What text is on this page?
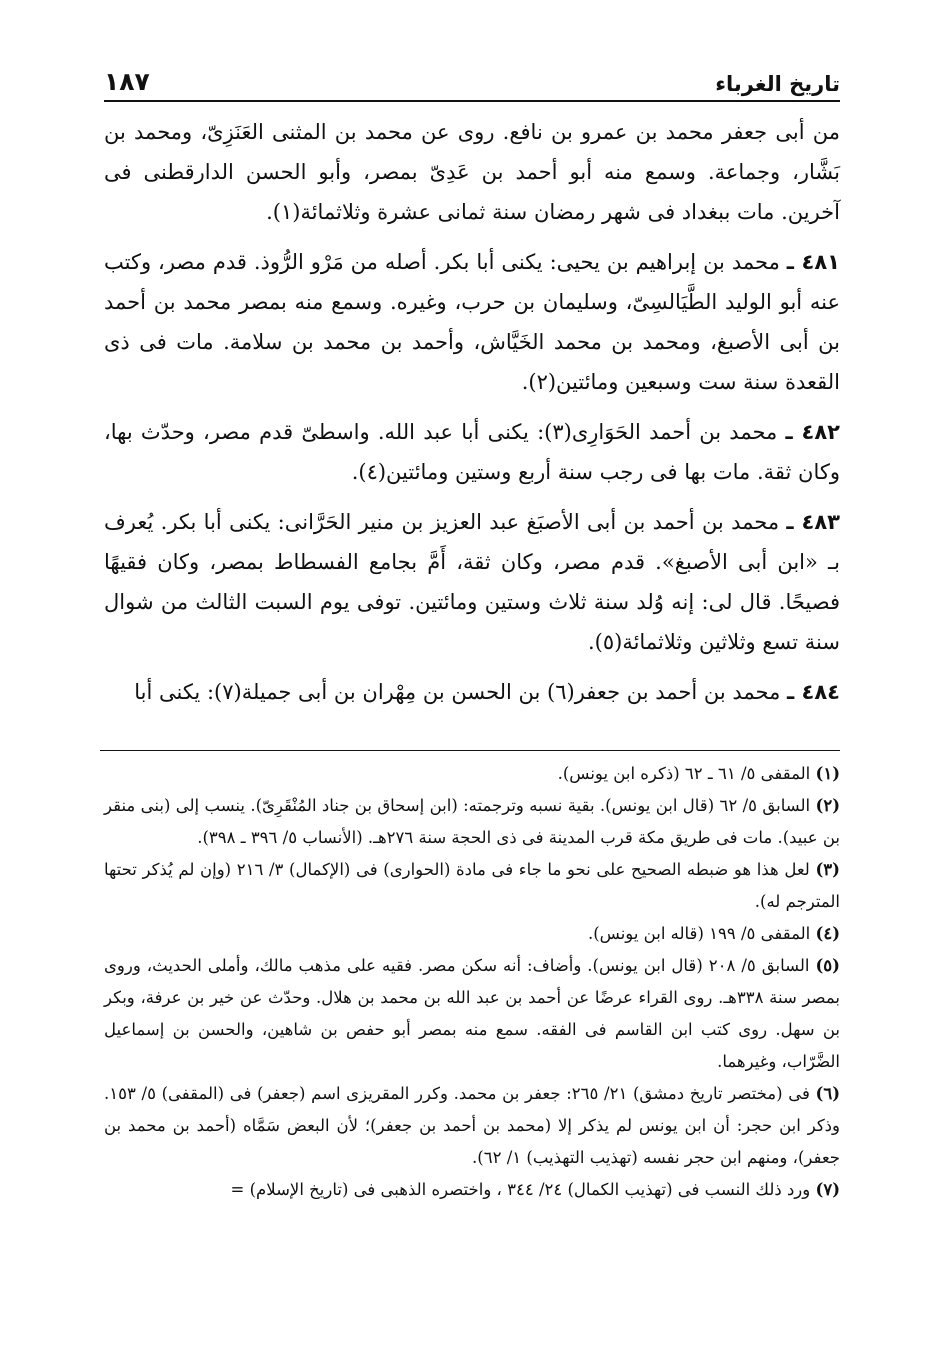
تاريخ الغرباء
١٨٧

من أبى جعفر محمد بن عمرو بن نافع. روى عن محمد بن المثنى العَنَزِىّ، ومحمد بن بَشَّار، وجماعة. وسمع منه أبو أحمد بن عَدِىّ بمصر، وأبو الحسن الدارقطنى فى آخرين. مات ببغداد فى شهر رمضان سنة ثمانى عشرة وثلاثمائة(١).

٤٨١ ـ محمد بن إبراهيم بن يحيى: يكنى أبا بكر. أصله من مَرْو الرُّوذ. قدم مصر، وكتب عنه أبو الوليد الطَّيَالسِىّ، وسليمان بن حرب، وغيره. وسمع منه بمصر محمد بن أحمد بن أبى الأصبغ، ومحمد بن محمد الخَيَّاش، وأحمد بن محمد بن سلامة. مات فى ذى القعدة سنة ست وسبعين ومائتين(٢).

٤٨٢ ـ محمد بن أحمد الحَوَارِى(٣): يكنى أبا عبد الله. واسطىّ قدم مصر، وحدّث بها، وكان ثقة. مات بها فى رجب سنة أربع وستين ومائتين(٤).

٤٨٣ ـ محمد بن أحمد بن أبى الأصبَغ عبد العزيز بن منير الحَرَّانى: يكنى أبا بكر. يُعرف بـ «ابن أبى الأصبغ». قدم مصر، وكان ثقة، أَمَّ بجامع الفسطاط بمصر، وكان فقيهًا فصيحًا. قال لى: إنه وُلد سنة ثلاث وستين ومائتين. توفى يوم السبت الثالث من شوال سنة تسع وثلاثين وثلاثمائة(٥).

٤٨٤ ـ محمد بن أحمد بن جعفر(٦) بن الحسن بن مِهْران بن أبى جميلة(٧): يكنى أبا

(١) المقفى ٥/ ٦١ ـ ٦٢ (ذكره ابن يونس).

(٢) السابق ٥/ ٦٢ (قال ابن يونس). بقية نسبه وترجمته: (ابن إسحاق بن جناد المُنْقَرِىّ). ينسب إلى (بنى منقر بن عبيد). مات فى طريق مكة قرب المدينة فى ذى الحجة سنة ٢٧٦هـ. (الأنساب ٥/ ٣٩٦ ـ ٣٩٨).

(٣) لعل هذا هو ضبطه الصحيح على نحو ما جاء فى مادة (الحوارى) فى (الإكمال) ٣/ ٢١٦ (وإن لم يُذكر تحتها المترجم له).

(٤) المقفى ٥/ ١٩٩ (قاله ابن يونس).

(٥) السابق ٥/ ٢٠٨ (قال ابن يونس). وأضاف: أنه سكن مصر. فقيه على مذهب مالك، وأملى الحديث، وروى بمصر سنة ٣٣٨هـ. روى القراء عرضًا عن أحمد بن عبد الله بن محمد بن هلال. وحدّث عن خير بن عرفة، وبكر بن سهل. روى كتب ابن القاسم فى الفقه. سمع منه بمصر أبو حفص بن شاهين، والحسن بن إسماعيل الضَّرّاب، وغيرهما.

(٦) فى (مختصر تاريخ دمشق) ٢١/ ٢٦٥: جعفر بن محمد. وكرر المقريزى اسم (جعفر) فى (المقفى) ٥/ ١٥٣. وذكر ابن حجر: أن ابن يونس لم يذكر إلا (محمد بن أحمد بن جعفر)؛ لأن البعض سَمَّاه (أحمد بن محمد بن جعفر)، ومنهم ابن حجر نفسه (تهذيب التهذيب) ١/ ٦٢).

(٧) ورد ذلك النسب فى (تهذيب الكمال) ٢٤/ ٣٤٤ ، واختصره الذهبى فى (تاريخ الإسلام) =
